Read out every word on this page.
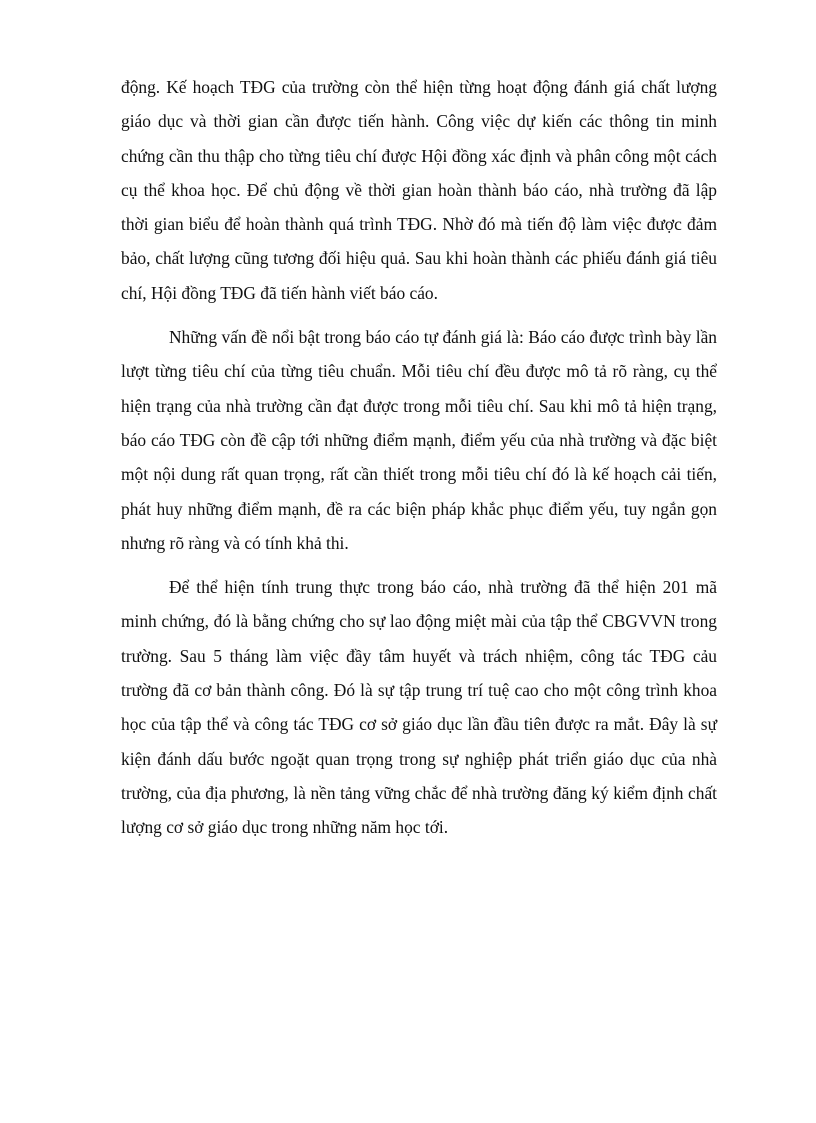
động. Kế hoạch TĐG của trường còn thể hiện từng hoạt động đánh giá chất lượng giáo dục và thời gian cần được tiến hành. Công việc dự kiến các thông tin minh chứng cần thu thập cho từng tiêu chí được Hội đồng xác định và phân công một cách cụ thể khoa học. Để chủ động về thời gian hoàn thành báo cáo, nhà trường đã lập thời gian biểu để hoàn thành quá trình TĐG. Nhờ đó mà tiến độ làm việc được đảm bảo, chất lượng cũng tương đối hiệu quả. Sau khi hoàn thành các phiếu đánh giá tiêu chí, Hội đồng TĐG đã tiến hành viết báo cáo.

Những vấn đề nổi bật trong báo cáo tự đánh giá là: Báo cáo được trình bày lần lượt từng tiêu chí của từng tiêu chuẩn. Mỗi tiêu chí đều được mô tả rõ ràng, cụ thể hiện trạng của nhà trường cần đạt được trong mỗi tiêu chí. Sau khi mô tả hiện trạng, báo cáo TĐG còn đề cập tới những điểm mạnh, điểm yếu của nhà trường và đặc biệt một nội dung rất quan trọng, rất cần thiết trong mỗi tiêu chí đó là kế hoạch cải tiến, phát huy những điểm mạnh, đề ra các biện pháp khắc phục điểm yếu, tuy ngắn gọn nhưng rõ ràng và có tính khả thi.

Để thể hiện tính trung thực trong báo cáo, nhà trường đã thể hiện 201 mã minh chứng, đó là bằng chứng cho sự lao động miệt mài của tập thể CBGVVN trong trường. Sau 5 tháng làm việc đầy tâm huyết và trách nhiệm, công tác TĐG cảu trường đã cơ bản thành công. Đó là sự tập trung trí tuệ cao cho một công trình khoa học của tập thể và công tác TĐG cơ sở giáo dục lần đầu tiên được ra mắt. Đây là sự kiện đánh dấu bước ngoặt quan trọng trong sự nghiệp phát triển giáo dục của nhà trường, của địa phương, là nền tảng vững chắc để nhà trường đăng ký kiểm định chất lượng cơ sở giáo dục trong những năm học tới.
